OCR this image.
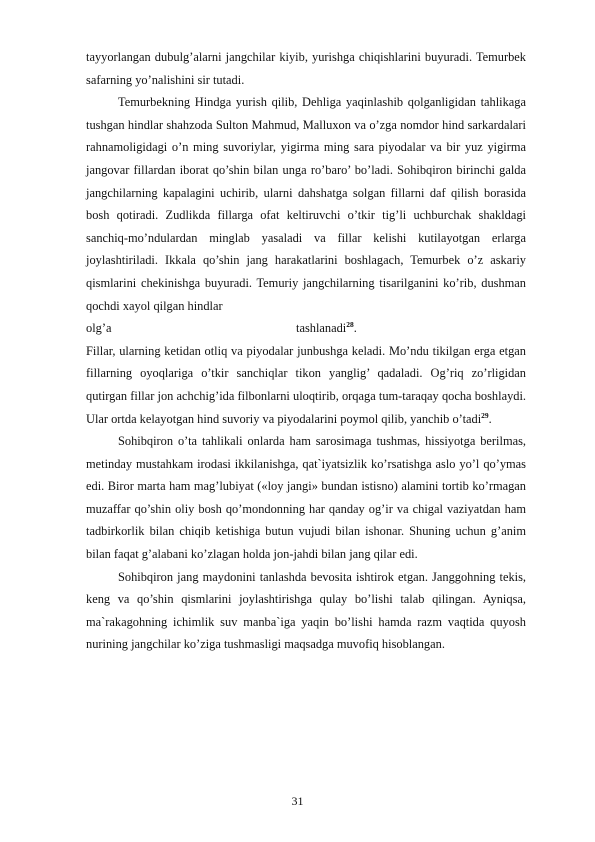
tayyorlangan dubulg’alarni jangchilar kiyib, yurishga chiqishlarini buyuradi. Temurbek safarning yo’nalishini sir tutadi.

Temurbekning Hindga yurish qilib, Dehliga yaqinlashib qolganligidan tahlikaga tushgan hindlar shahzoda Sulton Mahmud, Malluxon va o’zga nomdor hind sarkardalari rahnamoligidagi o’n ming suvoriylar, yigirma ming sara piyodalar va bir yuz yigirma jangovar fillardan iborat qo’shin bilan unga ro’baro’ bo’ladi. Sohibqiron birinchi galda jangchilarning kapalagini uchirib, ularni dahshatga solgan fillarni daf qilish borasida bosh qotiradi. Zudlikda fillarga ofat keltiruvchi o’tkir tig’li uchburchak shakldagi sanchiq-mo’ndulardan minglab yasaladi va fillar kelishi kutilayotgan erlarga joylashtiriladi. Ikkala qo’shin jang harakatlarini boshlagach, Temurbek o’z askariy qismlarini chekinishga buyuradi. Temuriy jangchilarning tisarilganini ko’rib, dushman qochdi xayol qilgan hindlar

olg’a	tashlanadi$^{28}$.

Fillar, ularning ketidan otliq va piyodalar junbushga keladi. Mo’ndu tikilgan erga etgan fillarning oyoqlariga o’tkir sanchiqlar tikon yanglig’ qadaladi. Og’riq zo’rligidan qutirgan fillar jon achchig’ida filbonlarni uloqtirib, orqaga tum-taraqay qocha boshlaydi. Ular ortda kelayotgan hind suvoriy va piyodalarini poymol qilib, yanchib o’tadi$^{29}$.

Sohibqiron o’ta tahlikali onlarda ham sarosimaga tushmas, hissiyotga berilmas, metinday mustahkam irodasi ikkilanishga, qat`iyatsizlik ko’rsatishga aslo yo’l qo’ymas edi. Biror marta ham mag’lubiyat («loy jangi» bundan istisno) alamini tortib ko’rmagan muzaffar qo’shin oliy bosh qo’mondonning har qanday og’ir va chigal vaziyatdan ham tadbirkorlik bilan chiqib ketishiga butun vujudi bilan ishonar. Shuning uchun g’anim bilan faqat g’alabani ko’zlagan holda jon-jahdi bilan jang qilar edi.

Sohibqiron jang maydonini tanlashda bevosita ishtirok etgan. Janggohning tekis, keng va qo’shin qismlarini joylashtirishga qulay bo’lishi talab qilingan. Ayniqsa, ma`rakagohning ichimlik suv manba`iga yaqin bo’lishi hamda razm vaqtida quyosh nurining jangchilar ko’ziga tushmasligi maqsadga muvofiq hisoblangan.

31
